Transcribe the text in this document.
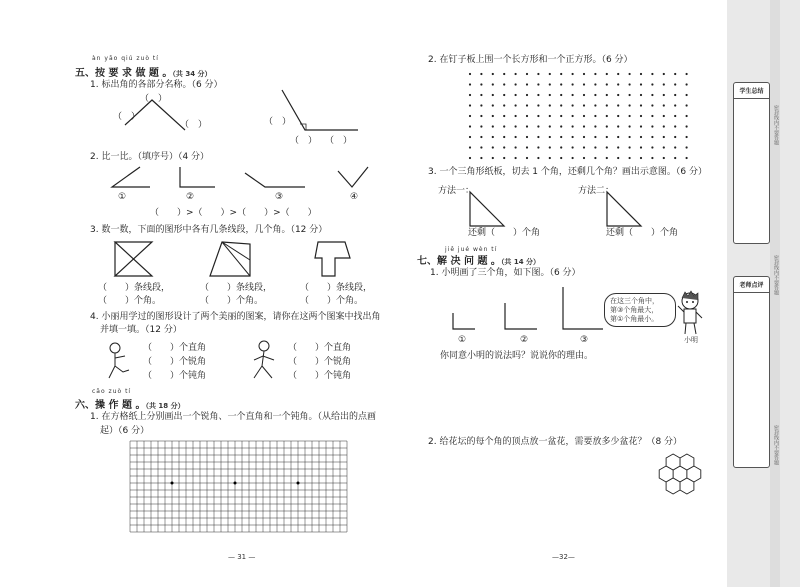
àn yāo qiú zuò tí
五、按 要 求 做 题 。（共 34 分）
1. 标出角的各部分名称。（6 分）
（　）
（　）
（　）	（　）
（　） （　）
2. 比一比。（填序号）（4 分）
①	②	③	④
（　　）>（　　）>（　　）>（　　）
3. 数一数，下面的图形中各有几条线段，几个角。（12 分）
（　　）条线段，
（　　）个角。
（　　）条线段，
（　　）个角。
（　　）条线段，
（　　）个角。
4. 小丽用学过的图形设计了两个美丽的图案，请你在这两个图案中找出角
并填一填。（12 分）
（　　）个直角
（　　）个锐角
（　　）个钝角
（　　）个直角
（　　）个锐角
（　　）个钝角
cāo zuò tí
六、操 作 题 。（共 18 分）
1. 在方格纸上分别画出一个锐角、一个直角和一个钝角。（从给出的点画
起）（6 分）
— 31 —
2. 在钉子板上围一个长方形和一个正方形。（6 分）
3. 一个三角形纸板，切去 1 个角，还剩几个角？画出示意图。（6 分）
方法一：
还剩（　　）个角
方法二：
还剩（　　）个角
jiě jué wèn tí
七、解 决 问 题 。（共 14 分）
1. 小明画了三个角，如下图。（6 分）
①	②	③
在这三个角中，
第③个角最大，
第①个角最小。
小明
你同意小明的说法吗？说说你的理由。
2. 给花坛的每个角的顶点放一盆花，需要放多少盆花？（8 分）
—32—
学生总结
老师点评
密封线内不要答题
密封线内不要答题
密封线内不要答题
